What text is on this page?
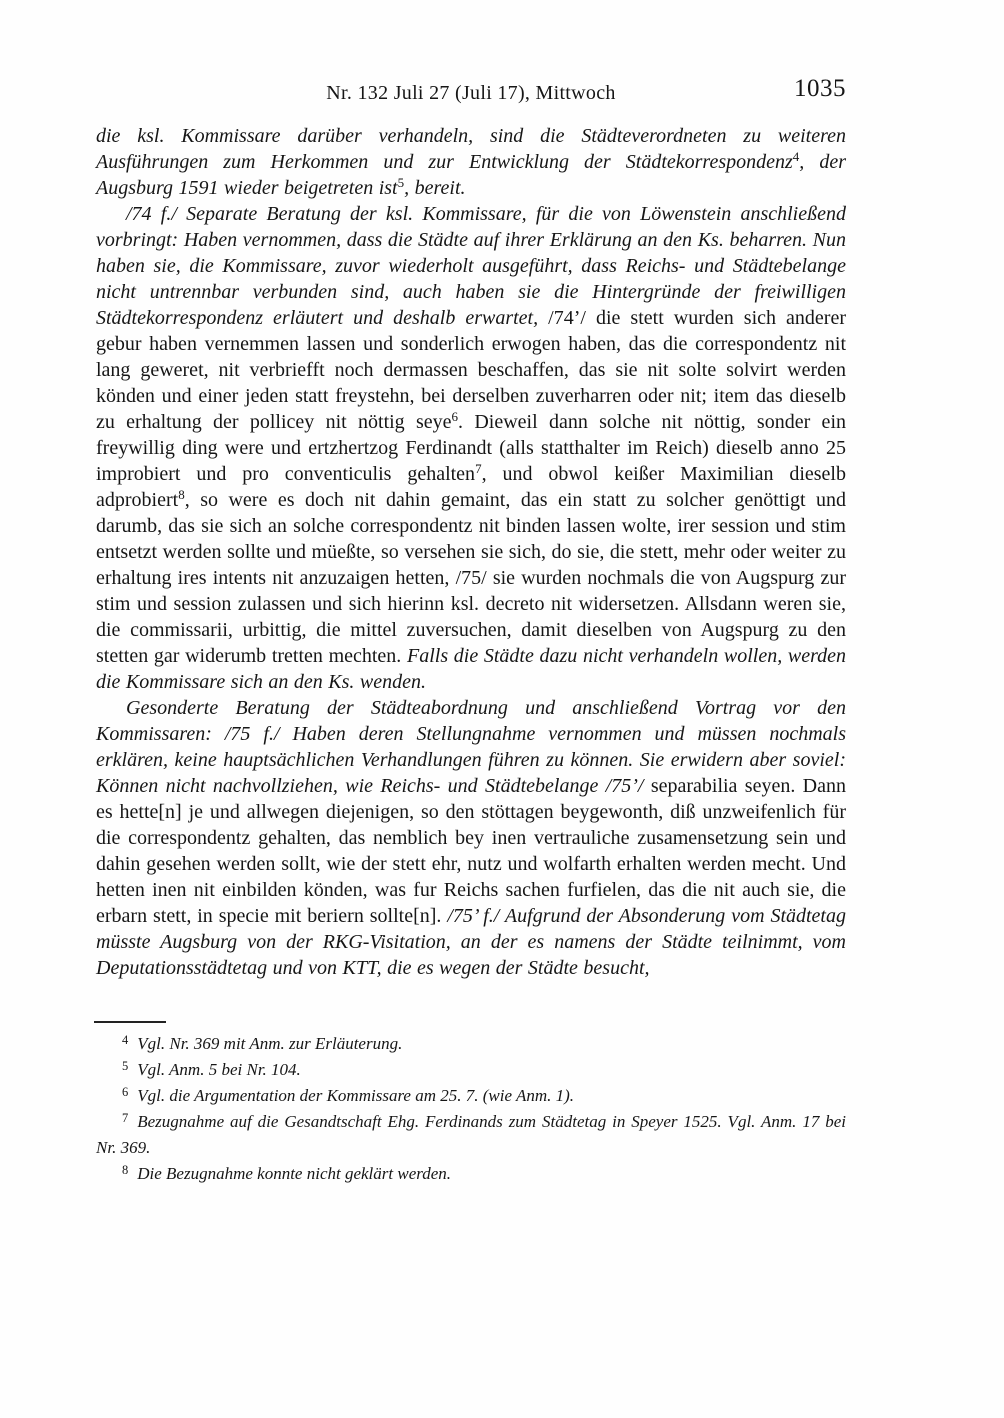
Nr. 132 Juli 27 (Juli 17), Mittwoch	1035

die ksl. Kommissare darüber verhandeln, sind die Städteverordneten zu weiteren Ausführungen zum Herkommen und zur Entwicklung der Städtekorrespondenz$^4$, der Augsburg 1591 wieder beigetreten ist$^5$, bereit.

/74 f./ Separate Beratung der ksl. Kommissare, für die von Löwenstein anschließend vorbringt: Haben vernommen, dass die Städte auf ihrer Erklärung an den Ks. beharren. Nun haben sie, die Kommissare, zuvor wiederholt ausgeführt, dass Reichs- und Städtebelange nicht untrennbar verbunden sind, auch haben sie die Hintergründe der freiwilligen Städtekorrespondenz erläutert und deshalb erwartet, /74’/ die stett wurden sich anderer gebur haben vernemmen lassen und sonderlich erwogen haben, das die correspondentz nit lang geweret, nit verbriefft noch dermassen beschaffen, das sie nit solte solvirt werden könden und einer jeden statt freystehn, bei derselben zuverharren oder nit; item das dieselb zu erhaltung der pollicey nit nöttig seye$^6$. Dieweil dann solche nit nöttig, sonder ein freywillig ding were und ertzhertzog Ferdinandt (alls statthalter im Reich) dieselb anno 25 improbiert und pro conventiculis gehalten$^7$, und obwol keißer Maximilian dieselb adprobiert$^8$, so were es doch nit dahin gemaint, das ein statt zu solcher genöttigt und darumb, das sie sich an solche correspondentz nit binden lassen wolte, irer session und stim entsetzt werden sollte und müeßte, so versehen sie sich, do sie, die stett, mehr oder weiter zu erhaltung ires intents nit anzuzaigen hetten, /75/ sie wurden nochmals die von Augspurg zur stim und session zulassen und sich hierinn ksl. decreto nit widersetzen. Allsdann weren sie, die commissarii, urbittig, die mittel zuversuchen, damit dieselben von Augspurg zu den stetten gar widerumb tretten mechten. Falls die Städte dazu nicht verhandeln wollen, werden die Kommissare sich an den Ks. wenden.

Gesonderte Beratung der Städteabordnung und anschließend Vortrag vor den Kommissaren: /75 f./ Haben deren Stellungnahme vernommen und müssen nochmals erklären, keine hauptsächlichen Verhandlungen führen zu können. Sie erwidern aber soviel: Können nicht nachvollziehen, wie Reichs- und Städtebelange /75’/ separabilia seyen. Dann es hette[n] je und allwegen diejenigen, so den stöttagen beygewonth, diß unzweifenlich für die correspondentz gehalten, das nemblich bey inen vertrauliche zusamensetzung sein und dahin gesehen werden sollt, wie der stett ehr, nutz und wolfarth erhalten werden mecht. Und hetten inen nit einbilden könden, was fur Reichs sachen furfielen, das die nit auch sie, die erbarn stett, in specie mit beriern sollte[n]. /75’ f./ Aufgrund der Absonderung vom Städtetag müsste Augsburg von der RKG-Visitation, an der es namens der Städte teilnimmt, vom Deputationsstädtetag und von KTT, die es wegen der Städte besucht,

$^4$ Vgl. Nr. 369 mit Anm. zur Erläuterung.
$^5$ Vgl. Anm. 5 bei Nr. 104.
$^6$ Vgl. die Argumentation der Kommissare am 25. 7. (wie Anm. 1).
$^7$ Bezugnahme auf die Gesandtschaft Ehg. Ferdinands zum Städtetag in Speyer 1525. Vgl. Anm. 17 bei Nr. 369.
$^8$ Die Bezugnahme konnte nicht geklärt werden.
